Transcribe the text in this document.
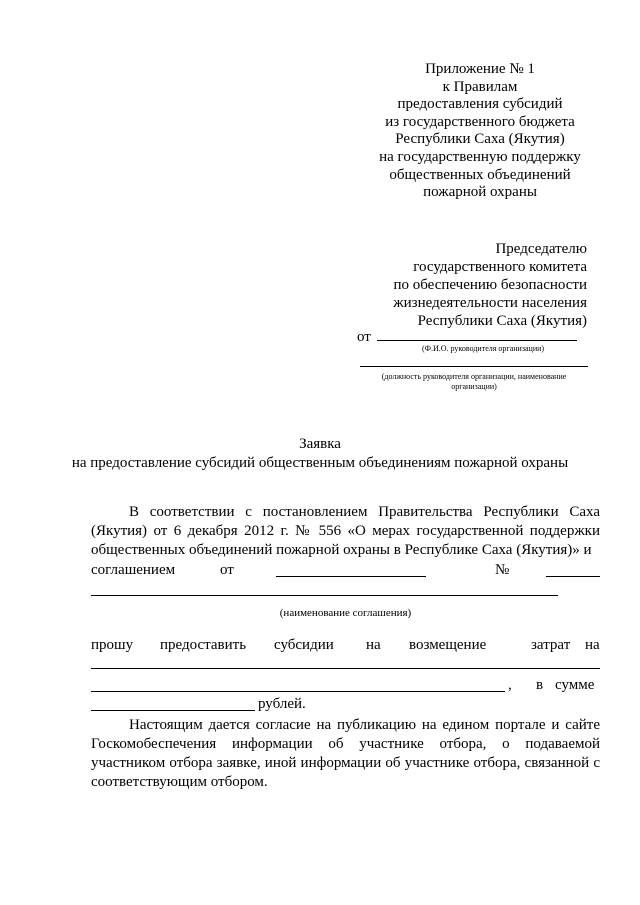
Приложение № 1
к Правилам
предоставления субсидий
из государственного бюджета
Республики Саха (Якутия)
на государственную поддержку
общественных объединений
пожарной охраны
Председателю
государственного комитета
по обеспечению безопасности
жизнедеятельности населения
Республики Саха (Якутия)
от
(Ф.И.О. руководителя организации)
(должность руководителя организации, наименование организации)
Заявка
на предоставление субсидий общественным объединениям пожарной охраны
В соответствии с постановлением Правительства Республики Саха (Якутия) от 6 декабря 2012 г. № 556 «О мерах государственной поддержки общественных объединений пожарной охраны в Республике Саха (Якутия)» и
соглашением	от	№
(наименование соглашения)
прошу предоставить субсидии на возмещение	затрат на
, в сумме
рублей.
Настоящим дается согласие на публикацию на едином портале и сайте Госкомобеспечения информации об участнике отбора, о подаваемой участником отбора заявке, иной информации об участнике отбора, связанной с соответствующим отбором.
